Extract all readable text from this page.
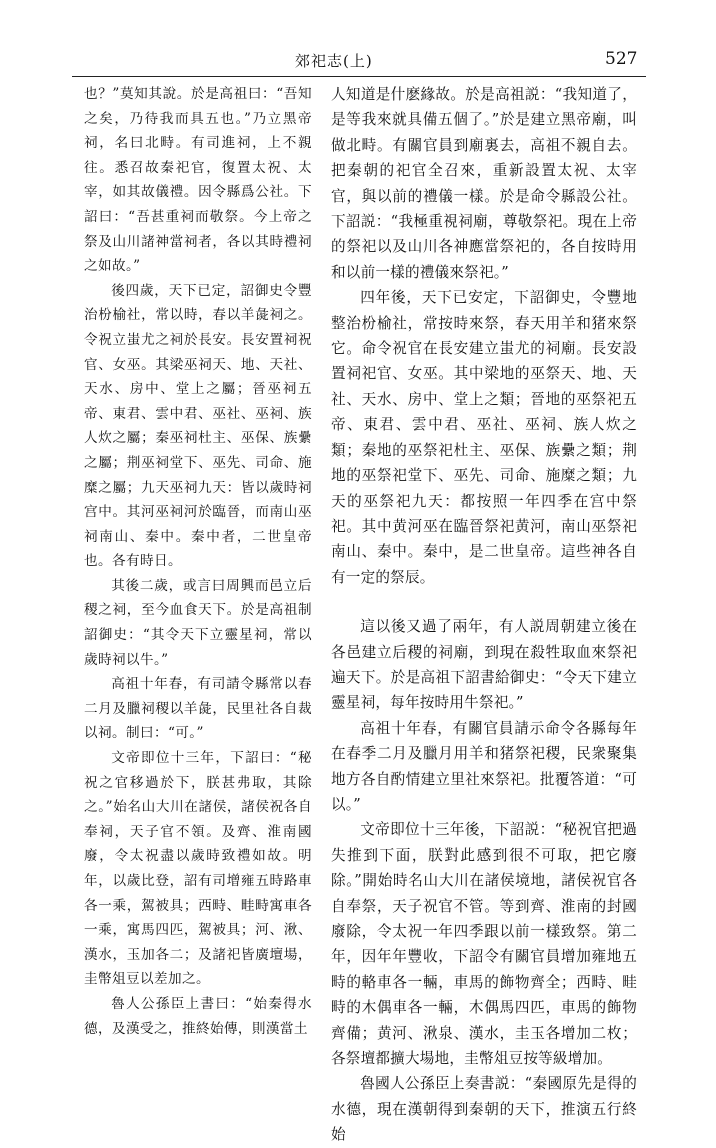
郊祀志(上)	527

也？”莫知其說。於是高祖曰：“吾知之矣，乃待我而具五也。”乃立黑帝祠，名曰北畤。有司進祠，上不親往。悉召故秦祀官，復置太祝、太宰，如其故儀禮。因令縣爲公社。下詔曰：“吾甚重祠而敬祭。今上帝之祭及山川諸神當祠者，各以其時禮祠之如故。”

後四歲，天下已定，詔御史令豐治枌榆社，常以時，春以羊彘祠之。令祝立蚩尤之祠於長安。長安置祠祝官、女巫。其梁巫祠天、地、天社、天水、房中、堂上之屬；晉巫祠五帝、東君、雲中君、巫社、巫祠、族人炊之屬；秦巫祠杜主、巫保、族纍之屬；荆巫祠堂下、巫先、司命、施糜之屬；九天巫祠九天：皆以歲時祠宫中。其河巫祠河於臨晉，而南山巫祠南山、秦中。秦中者，二世皇帝也。各有時日。

其後二歲，或言曰周興而邑立后稷之祠，至今血食天下。於是高祖制詔御史：“其令天下立靈星祠，常以歲時祠以牛。”

高祖十年春，有司請令縣常以春二月及臘祠稷以羊彘，民里社各自裁以祠。制曰：“可。”

文帝即位十三年，下詔曰：“秘祝之官移過於下，朕甚弗取，其除之。”始名山大川在諸侯，諸侯祝各自奉祠，天子官不領。及齊、淮南國廢，令太祝盡以歲時致禮如故。明年，以歲比登，詔有司增雍五時路車各一乘，駕被具；西畤、畦畤寓車各一乘，寓馬四匹，駕被具；河、湫、漢水，玉加各二；及諸祀皆廣壇場，圭幣俎豆以差加之。

魯人公孫臣上書曰：“始秦得水德，及漢受之，推終始傳，則漢當土

人知道是什麽緣故。於是高祖説：“我知道了，是等我來就具備五個了。”於是建立黑帝廟，叫做北畤。有關官員到廟裏去，高祖不親自去。把秦朝的祀官全召來，重新設置太祝、太宰官，與以前的禮儀一樣。於是命令縣設公社。下詔説：“我極重視祠廟，尊敬祭祀。現在上帝的祭祀以及山川各神應當祭祀的，各自按時用和以前一樣的禮儀來祭祀。”

四年後，天下已安定，下詔御史，令豐地整治枌榆社，常按時來祭，春天用羊和猪來祭它。命令祝官在長安建立蚩尤的祠廟。長安設置祠祀官、女巫。其中梁地的巫祭天、地、天社、天水、房中、堂上之類；晉地的巫祭祀五帝、東君、雲中君、巫社、巫祠、族人炊之類；秦地的巫祭祀杜主、巫保、族纍之類；荆地的巫祭祀堂下、巫先、司命、施糜之類；九天的巫祭祀九天：都按照一年四季在宫中祭祀。其中黄河巫在臨晉祭祀黄河，南山巫祭祀南山、秦中。秦中，是二世皇帝。這些神各自有一定的祭辰。

這以後又過了兩年，有人説周朝建立後在各邑建立后稷的祠廟，到現在殺牲取血來祭祀遍天下。於是高祖下詔書給御史：“令天下建立靈星祠，每年按時用牛祭祀。”

高祖十年春，有關官員請示命令各縣每年在春季二月及臘月用羊和猪祭祀稷，民衆聚集地方各自酌情建立里社來祭祀。批覆答道：“可以。”

文帝即位十三年後，下詔説：“秘祝官把過失推到下面，朕對此感到很不可取，把它廢除。”開始時名山大川在諸侯境地，諸侯祝官各自奉祭，天子祝官不管。等到齊、淮南的封國廢除，令太祝一年四季跟以前一樣致祭。第二年，因年年豐收，下詔令有關官員增加雍地五畤的輅車各一輛，車馬的飾物齊全；西畤、畦畤的木偶車各一輛，木偶馬四匹，車馬的飾物齊備；黄河、湫泉、漢水，圭玉各增加二枚；各祭壇都擴大場地，圭幣俎豆按等級增加。

魯國人公孫臣上奏書説：“秦國原先是得的水德，現在漢朝得到秦朝的天下，推演五行終始
